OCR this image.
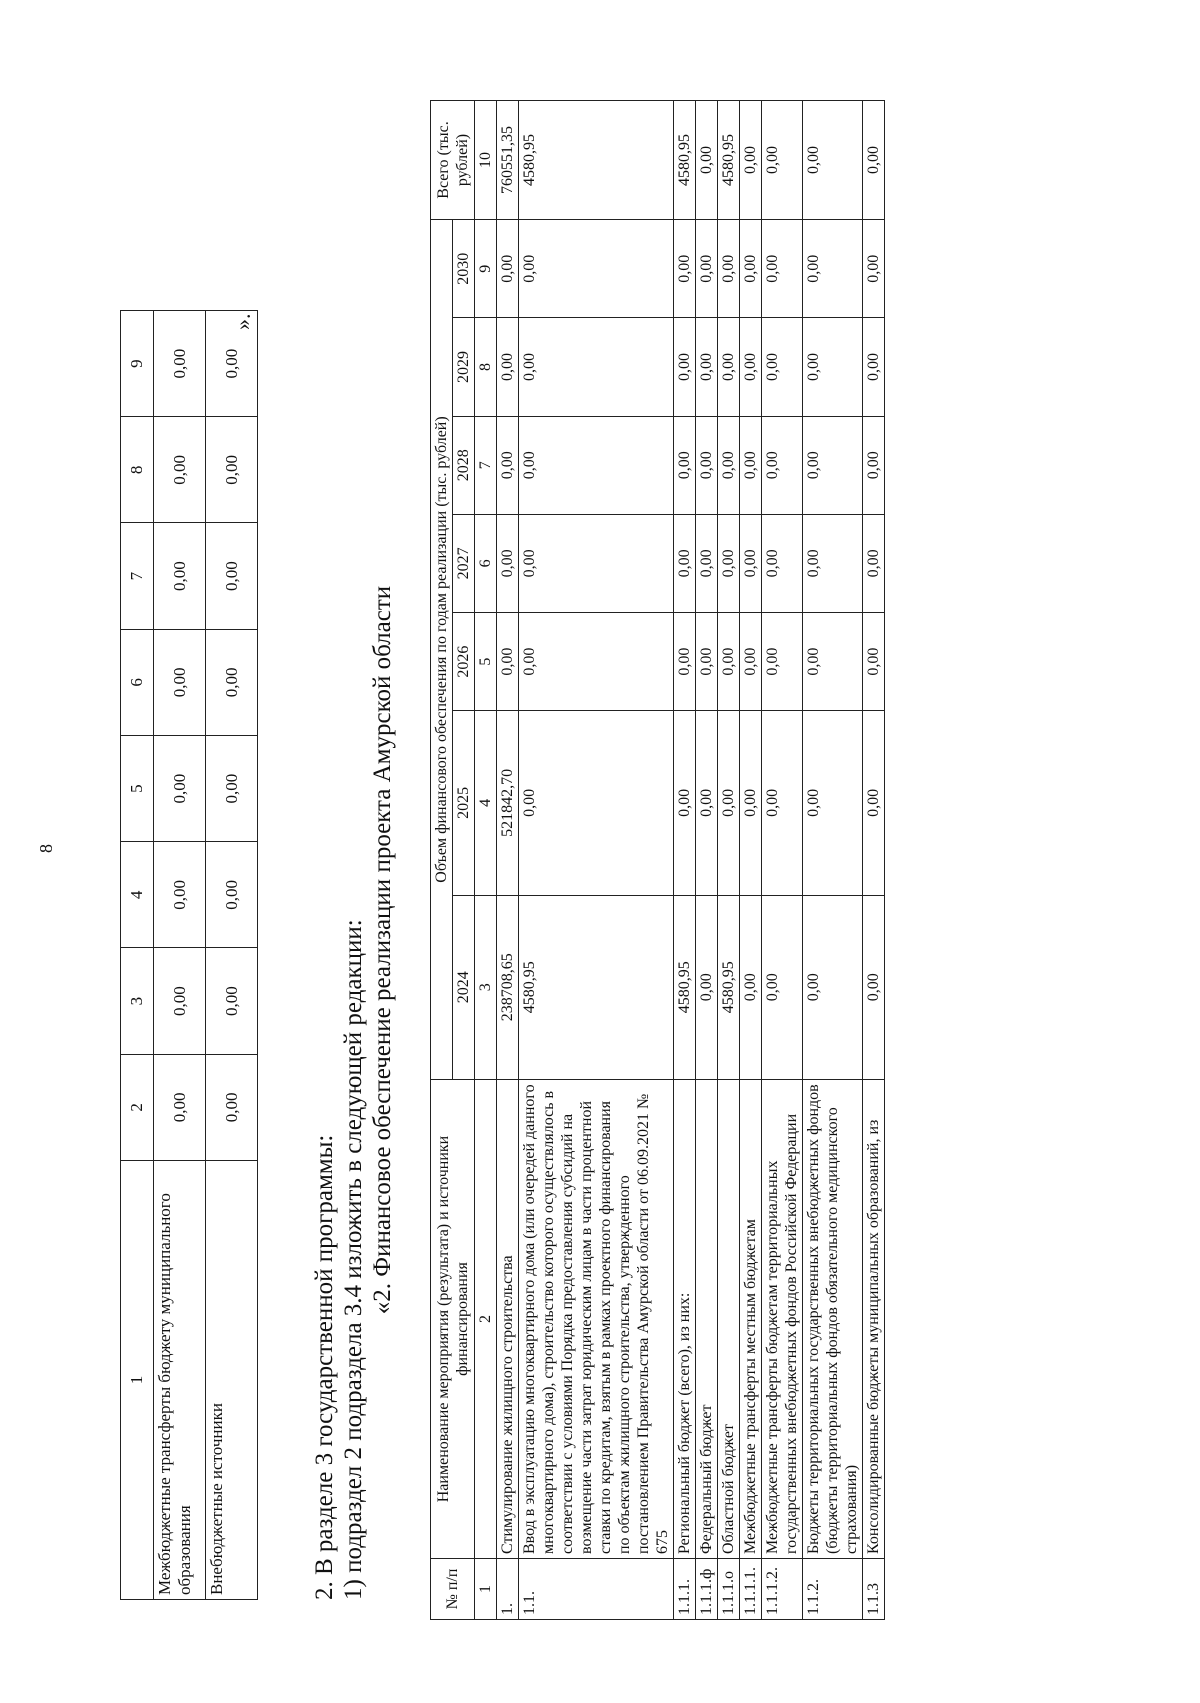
8
1	2	3	4	5	6	7	8	9
Межбюджетные трансферты бюджету муниципального образования	0,00	0,00	0,00	0,00	0,00	0,00	0,00	0,00
Внебюджетные источники	0,00	0,00	0,00	0,00	0,00	0,00	0,00	0,00
».
2. В разделе 3 государственной программы: 1) подраздел 2 подраздела 3.4 изложить в следующей редакции: «2. Финансовое обеспечение реализации проекта Амурской области
№ п/п	Наименование мероприятия (результата) и источники финансирования	Объем финансового обеспечения по годам реализации (тыс. рублей)							Всего (тыс. рублей)
		2024	2025	2026	2027	2028	2029	2030	
1	2	3	4	5	6	7	8	9	10
1.	Стимулирование жилищного строительства	238708,65	521842,70	0,00	0,00	0,00	0,00	0,00	760551,35
1.1.	Ввод в эксплуатацию многоквартирного дома (или очередей данного многоквартирного дома), строительство которого осуществлялось в соответствии с условиями Порядка предоставления субсидий на возмещение части затрат юридическим лицам в части процентной ставки по кредитам, взятым в рамках проектного финансирования по объектам жилищного строительства, утвержденного постановлением Правительства Амурской области от 06.09.2021 № 675	4580,95	0,00	0,00	0,00	0,00	0,00	0,00	4580,95
1.1.1.	Региональный бюджет (всего), из них:	4580,95	0,00	0,00	0,00	0,00	0,00	0,00	4580,95
1.1.1.ф	Федеральный бюджет	0,00	0,00	0,00	0,00	0,00	0,00	0,00	0,00
1.1.1.о	Областной бюджет	4580,95	0,00	0,00	0,00	0,00	0,00	0,00	4580,95
1.1.1.1.	Межбюджетные трансферты местным бюджетам	0,00	0,00	0,00	0,00	0,00	0,00	0,00	0,00
1.1.1.2.	Межбюджетные трансферты бюджетам территориальных государственных внебюджетных фондов Российской Федерации	0,00	0,00	0,00	0,00	0,00	0,00	0,00	0,00
1.1.2.	Бюджеты территориальных государственных внебюджетных фондов (бюджеты территориальных фондов обязательного медицинского страхования)	0,00	0,00	0,00	0,00	0,00	0,00	0,00	0,00
1.1.3	Консолидированные бюджеты муниципальных образований, из	0,00	0,00	0,00	0,00	0,00	0,00	0,00	0,00
